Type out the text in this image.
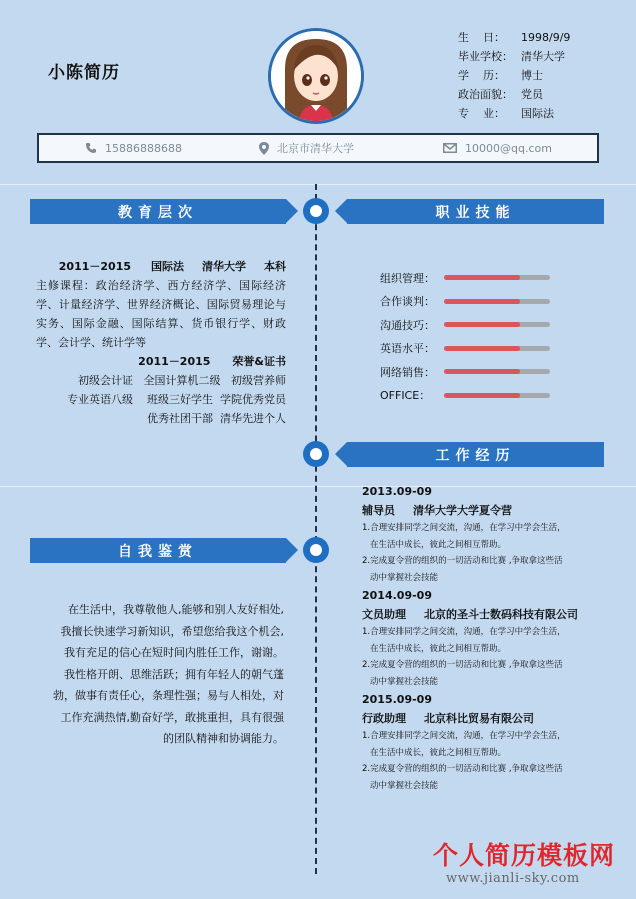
小陈简历
生    日：	1998/9/9
毕业学校： 清华大学
学    历：	博士
政治面貌： 党员
专    业：	国际法
15886888688	北京市清华大学	10000@qq.com
教育层次	职业技能
工作经历
自我鉴赏
2011－2015 国际法 清华大学 本科

主修课程：政治经济学、西方经济学、国际经济学、计量经济学、世界经济概论、国际贸易理论与实务、国际金融、国际结算、货币银行学、财政学、会计学、统计学等

2011－2015 荣誉&证书
初级会计证   全国计算机二级   初级营养师
专业英语八级    班级三好学生  学院优秀党员
优秀社团干部  清华先进个人
组织管理：
合作谈判：
沟通技巧：
英语水平：
网络销售：
OFFICE：
在生活中，我尊敬他人,能够和别人友好相处,
我擅长快速学习新知识，希望您给我这个机会,
我有充足的信心在短时间内胜任工作，谢谢。
我性格开朗、思维活跃；拥有年轻人的朝气蓬
勃，做事有责任心，条理性强；易与人相处，对
工作充满热情,勤奋好学，敢挑重担，具有很强
的团队精神和协调能力。
2013.09-09
辅导员 清华大学大学夏令营
1.合理安排同学之间交流，沟通，在学习中学会生活，
在生活中成长，彼此之间相互帮助。
2.完成夏令营的组织的一切活动和比赛 ,争取拿这些活
动中掌握社会技能
2014.09-09
文员助理 北京的圣斗士数码科技有限公司
1.合理安排同学之间交流，沟通，在学习中学会生活，
在生活中成长，彼此之间相互帮助。
2.完成夏令营的组织的一切活动和比赛 ,争取拿这些活
动中掌握社会技能
2015.09-09
行政助理 北京科比贸易有限公司
1.合理安排同学之间交流，沟通，在学习中学会生活，
在生活中成长，彼此之间相互帮助。
2.完成夏令营的组织的一切活动和比赛 ,争取拿这些活
动中掌握社会技能
个人简历模板网
www.jianli-sky.com
